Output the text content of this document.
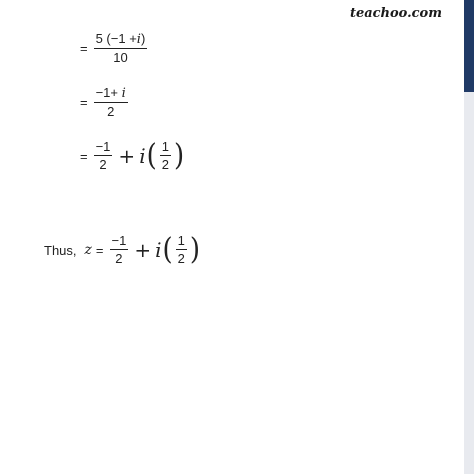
teachoo.com
= $\frac{5 (-1 +i)}{10}$
= $\frac{-1+ i}{2}$
= $\frac{-1}{2} + i$ ( $\frac{1}{2}$ )
Thus, $z = \frac{-1}{2} + i$ ( $\frac{1}{2}$ )
